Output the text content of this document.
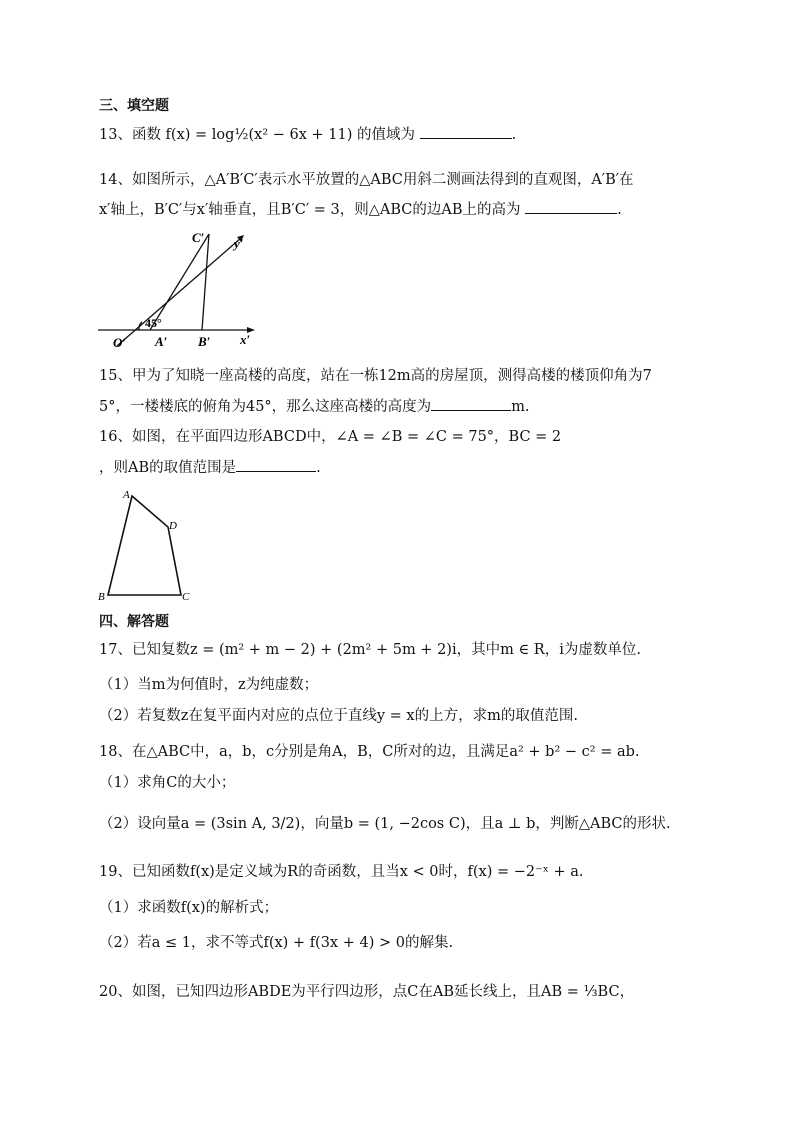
三、填空题
13、函数 f(x) = log½(x² − 6x + 11) 的值域为	.
14、如图所示，△A′B′C′表示水平放置的△ABC用斜二测画法得到的直观图，A′B′在
x′轴上，B′C′与x′轴垂直，且B′C′ = 3，则△ABC的边AB上的高为	.
C′ y′
45°
O′ A′ B′ x′
15、甲为了知晓一座高楼的高度，站在一栋12m高的房屋顶，测得高楼的楼顶仰角为7
5°，一楼楼底的俯角为45°，那么这座高楼的高度为	m.
16、如图，在平面四边形ABCD中，∠A = ∠B = ∠C = 75°，BC = 2
，则AB的取值范围是	.
A
D
B	C
四、解答题
17、已知复数z = (m² + m − 2) + (2m² + 5m + 2)i，其中m ∈ R，i为虚数单位.
（1）当m为何值时，z为纯虚数；
（2）若复数z在复平面内对应的点位于直线y = x的上方，求m的取值范围.
18、在△ABC中，a，b，c分别是角A，B，C所对的边，且满足a² + b² − c² = ab.
（1）求角C的大小；
（2）设向量a = (3sin A, 3/2)，向量b = (1, −2cos C)，且a ⊥ b，判断△ABC的形状.
19、已知函数f(x)是定义域为R的奇函数，且当x < 0时，f(x) = −2⁻ˣ + a.
（1）求函数f(x)的解析式；
（2）若a ≤ 1，求不等式f(x) + f(3x + 4) > 0的解集.
20、如图，已知四边形ABDE为平行四边形，点C在AB延长线上，且AB = ⅓BC，
